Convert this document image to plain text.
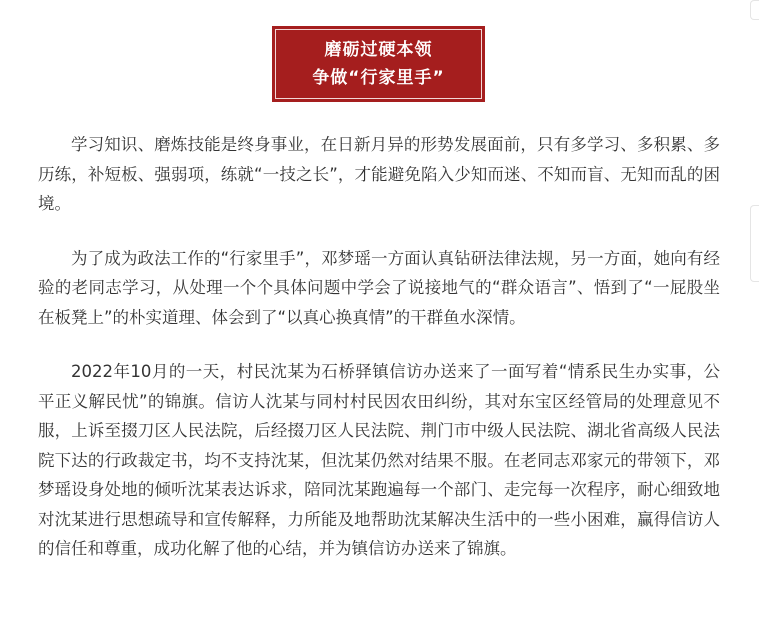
磨砺过硬本领
争做“行家里手”

学习知识、磨炼技能是终身事业，在日新月异的形势发展面前，只有多学习、多积累、多历练，补短板、强弱项，练就“一技之长”，才能避免陷入少知而迷、不知而盲、无知而乱的困境。

为了成为政法工作的“行家里手”，邓梦瑶一方面认真钻研法律法规，另一方面，她向有经验的老同志学习，从处理一个个具体问题中学会了说接地气的“群众语言”、悟到了“一屁股坐在板凳上”的朴实道理、体会到了“以真心换真情”的干群鱼水深情。

2022年10月的一天，村民沈某为石桥驿镇信访办送来了一面写着“情系民生办实事，公平正义解民忧”的锦旗。信访人沈某与同村村民因农田纠纷，其对东宝区经管局的处理意见不服，上诉至掇刀区人民法院，后经掇刀区人民法院、荆门市中级人民法院、湖北省高级人民法院下达的行政裁定书，均不支持沈某，但沈某仍然对结果不服。在老同志邓家元的带领下，邓梦瑶设身处地的倾听沈某表达诉求，陪同沈某跑遍每一个部门、走完每一次程序，耐心细致地对沈某进行思想疏导和宣传解释，力所能及地帮助沈某解决生活中的一些小困难，赢得信访人的信任和尊重，成功化解了他的心结，并为镇信访办送来了锦旗。
